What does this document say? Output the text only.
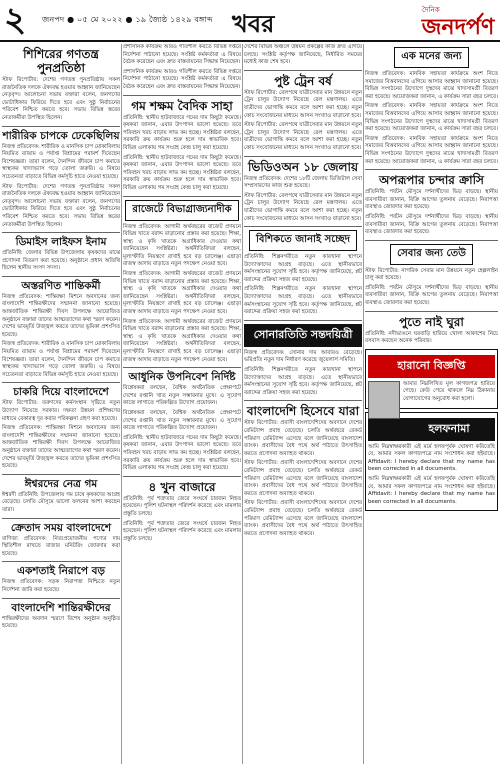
২ জনপদ ● ০৫ মে ২০২২ ● ১৯ জ্যৈষ্ঠ ১৪২৯ বঙ্গাব্দ খবর	দৈনিক
জনদর্পণ
শিশিরের গণতন্ত্র পুনপ্রতিষ্ঠা

স্টাফ রিপোর্টার: দেশের গণতন্ত্র পুনপ্রতিষ্ঠায় সকল রাজনৈতিক দলকে ঐক্যবদ্ধ হওয়ার আহ্বান জানিয়েছেন নেতৃবৃন্দ। আলোচনা সভায় বক্তারা বলেন, জনগণের ভোটাধিকার ফিরিয়ে দিতে হবে এবং সুষ্ঠু নির্বাচনের পরিবেশ নিশ্চিত করতে হবে। সভায় বিভিন্ন স্তরের নেতাকর্মীরা উপস্থিত ছিলেন।

শারীরিক চাপকে ঢেকেছিলিয়

নিজস্ব প্রতিবেদক: শারীরিক ও মানসিক চাপ মোকাবিলায় নিয়মিত ব্যায়াম ও পর্যাপ্ত বিশ্রামের পরামর্শ দিয়েছেন বিশেষজ্ঞরা। তারা বলেন, দৈনন্দিন জীবনে চাপ কমাতে স্বাস্থ্যকর খাদ্যাভ্যাস গড়ে তোলা জরুরি। এ বিষয়ে সচেতনতা বাড়াতে বিভিন্ন কর্মসূচি হাতে নেওয়া হয়েছে।

স্টাফ রিপোর্টার: দেশের গণতন্ত্র পুনপ্রতিষ্ঠায় সকল রাজনৈতিক দলকে ঐক্যবদ্ধ হওয়ার আহ্বান জানিয়েছেন নেতৃবৃন্দ। আলোচনা সভায় বক্তারা বলেন, জনগণের ভোটাধিকার ফিরিয়ে দিতে হবে এবং সুষ্ঠু নির্বাচনের পরিবেশ নিশ্চিত করতে হবে। সভায় বিভিন্ন স্তরের নেতাকর্মীরা উপস্থিত ছিলেন।

ডিমাইস লাইফস ইনাম

প্রতিনিধি: জেলার বিভিন্ন উপজেলায় কৃষকদের মাঝে প্রণোদনা বিতরণ করা হয়েছে। অনুষ্ঠানে প্রধান অতিথি ছিলেন স্থানীয় সংসদ সদস্য।

অস্তরণিত শান্তিকর্মী

নিজস্ব প্রতিবেদক: শান্তিরক্ষা মিশনে অবদানের জন্য বাংলাদেশি শান্তিরক্ষীদের সম্মাননা জানানো হয়েছে। আন্তর্জাতিক শান্তিরক্ষী দিবস উপলক্ষে আয়োজিত অনুষ্ঠানে বক্তারা তাদের আত্মত্যাগের কথা স্মরণ করেন। দেশের ভাবমূর্তি উজ্জ্বল করতে তাদের ভূমিকা প্রশংসিত হয়েছে।

নিজস্ব প্রতিবেদক: শারীরিক ও মানসিক চাপ মোকাবিলায় নিয়মিত ব্যায়াম ও পর্যাপ্ত বিশ্রামের পরামর্শ দিয়েছেন বিশেষজ্ঞরা। তারা বলেন, দৈনন্দিন জীবনে চাপ কমাতে স্বাস্থ্যকর খাদ্যাভ্যাস গড়ে তোলা জরুরি। এ বিষয়ে সচেতনতা বাড়াতে বিভিন্ন কর্মসূচি হাতে নেওয়া হয়েছে।

চাকরি দিয়ে বাংলাদেশে

স্টাফ রিপোর্টার: তরুণদের কর্মসংস্থান সৃষ্টিতে নতুন উদ্যোগ নিয়েছে সরকার। দক্ষতা উন্নয়ন প্রশিক্ষণের মাধ্যমে বেকারত্ব দূর করার পরিকল্পনা গ্রহণ করা হয়েছে।

নিজস্ব প্রতিবেদক: শান্তিরক্ষা মিশনে অবদানের জন্য বাংলাদেশি শান্তিরক্ষীদের সম্মাননা জানানো হয়েছে। আন্তর্জাতিক শান্তিরক্ষী দিবস উপলক্ষে আয়োজিত অনুষ্ঠানে বক্তারা তাদের আত্মত্যাগের কথা স্মরণ করেন। দেশের ভাবমূর্তি উজ্জ্বল করতে তাদের ভূমিকা প্রশংসিত হয়েছে।

ঈশ্বরদের নেত্র গম

ঈশ্বরদী প্রতিনিধি: উপজেলায় গম চাষে কৃষকদের আগ্রহ বেড়েছে। চলতি মৌসুমে ভালো ফলনের আশা করছেন তারা।

ক্রেতাদ সময় বাংলাদেশে

বাণিজ্য প্রতিবেদক: নিত্যপ্রয়োজনীয় পণ্যের দাম স্থিতিশীল রাখতে বাজার মনিটরিং জোরদার করা হয়েছে।

একশতাই নিরাপে বড়

নিজস্ব প্রতিবেদক: সড়ক নিরাপত্তা নিশ্চিতে নতুন নির্দেশনা জারি করা হয়েছে।

বাংলাদেশি শান্তিরক্ষীদের

শান্তিরক্ষীদের অবদান স্মরণে বিশেষ অনুষ্ঠান অনুষ্ঠিত হয়েছে।

প্রশাসনিক কার্যক্রম আরও গতিশীল করতে বিভিন্ন দপ্তরে নির্দেশনা পাঠানো হয়েছে। সংশ্লিষ্ট কর্মকর্তারা এ বিষয়ে বৈঠক করেছেন এবং দ্রুত বাস্তবায়নের সিদ্ধান্ত নিয়েছেন।

প্রশাসনিক কার্যক্রম আরও গতিশীল করতে বিভিন্ন দপ্তরে নির্দেশনা পাঠানো হয়েছে। সংশ্লিষ্ট কর্মকর্তারা এ বিষয়ে বৈঠক করেছেন এবং দ্রুত বাস্তবায়নের সিদ্ধান্ত নিয়েছেন।

গম শক্ষম বৈদিক সাহা

প্রতিনিধি: স্থানীয় হাটবাজারে গমের দাম কিছুটা কমেছে। কৃষকরা জানান, এবার উৎপাদন ভালো হয়েছে। তবে পরিবহন খরচ বাড়ায় লাভ কম হচ্ছে। সংশ্লিষ্টরা বলছেন, সরকারি ক্রয় কার্যক্রম শুরু হলে দাম স্বাভাবিক হবে। বিভিন্ন এলাকায় গম সংগ্রহ কেন্দ্র চালু করা হয়েছে।

প্রতিনিধি: স্থানীয় হাটবাজারে গমের দাম কিছুটা কমেছে। কৃষকরা জানান, এবার উৎপাদন ভালো হয়েছে। তবে পরিবহন খরচ বাড়ায় লাভ কম হচ্ছে। সংশ্লিষ্টরা বলছেন, সরকারি ক্রয় কার্যক্রম শুরু হলে দাম স্বাভাবিক হবে। বিভিন্ন এলাকায় গম সংগ্রহ কেন্দ্র চালু করা হয়েছে।

রাজেটে বিভাগ্রাজ্যনাদীক

নিজস্ব প্রতিবেদক: আগামী অর্থবছরের বাজেট প্রণয়নে বিভিন্ন খাতে বরাদ্দ বাড়ানোর প্রস্তাব করা হয়েছে। শিক্ষা, স্বাস্থ্য ও কৃষি খাতকে অগ্রাধিকার দেওয়ার কথা জানিয়েছেন সংশ্লিষ্টরা। অর্থনীতিবিদরা বলছেন, মূল্যস্ফীতি নিয়ন্ত্রণে রাখাই হবে বড় চ্যালেঞ্জ। এছাড়া রাজস্ব আদায় বাড়াতে নতুন পদক্ষেপ নেওয়া হবে।

নিজস্ব প্রতিবেদক: আগামী অর্থবছরের বাজেট প্রণয়নে বিভিন্ন খাতে বরাদ্দ বাড়ানোর প্রস্তাব করা হয়েছে। শিক্ষা, স্বাস্থ্য ও কৃষি খাতকে অগ্রাধিকার দেওয়ার কথা জানিয়েছেন সংশ্লিষ্টরা। অর্থনীতিবিদরা বলছেন, মূল্যস্ফীতি নিয়ন্ত্রণে রাখাই হবে বড় চ্যালেঞ্জ। এছাড়া রাজস্ব আদায় বাড়াতে নতুন পদক্ষেপ নেওয়া হবে।

নিজস্ব প্রতিবেদক: আগামী অর্থবছরের বাজেট প্রণয়নে বিভিন্ন খাতে বরাদ্দ বাড়ানোর প্রস্তাব করা হয়েছে। শিক্ষা, স্বাস্থ্য ও কৃষি খাতকে অগ্রাধিকার দেওয়ার কথা জানিয়েছেন সংশ্লিষ্টরা। অর্থনীতিবিদরা বলছেন, মূল্যস্ফীতি নিয়ন্ত্রণে রাখাই হবে বড় চ্যালেঞ্জ। এছাড়া রাজস্ব আদায় বাড়াতে নতুন পদক্ষেপ নেওয়া হবে।

আধুনিক উপনিবেশ নির্দিষ্ট

বিশ্লেষকরা বলছেন, বৈশ্বিক অর্থনৈতিক প্রেক্ষাপটে দেশের রপ্তানি খাত নতুন সম্ভাবনার মুখে। এ সুযোগ কাজে লাগাতে পরিকল্পিত উদ্যোগ প্রয়োজন।

বিশ্লেষকরা বলছেন, বৈশ্বিক অর্থনৈতিক প্রেক্ষাপটে দেশের রপ্তানি খাত নতুন সম্ভাবনার মুখে। এ সুযোগ কাজে লাগাতে পরিকল্পিত উদ্যোগ প্রয়োজন।

প্রতিনিধি: স্থানীয় হাটবাজারে গমের দাম কিছুটা কমেছে। কৃষকরা জানান, এবার উৎপাদন ভালো হয়েছে। তবে পরিবহন খরচ বাড়ায় লাভ কম হচ্ছে। সংশ্লিষ্টরা বলছেন, সরকারি ক্রয় কার্যক্রম শুরু হলে দাম স্বাভাবিক হবে। বিভিন্ন এলাকায় গম সংগ্রহ কেন্দ্র চালু করা হয়েছে।

৪ খুন বাজারে

প্রতিনিধি: পূর্ব শত্রুতার জেরে সংঘর্ষে চারজন নিহত হয়েছেন। পুলিশ ঘটনাস্থল পরিদর্শন করেছে এবং মামলার প্রস্তুতি চলছে।

প্রতিনিধি: পূর্ব শত্রুতার জেরে সংঘর্ষে চারজন নিহত হয়েছেন। পুলিশ ঘটনাস্থল পরিদর্শন করেছে এবং মামলার প্রস্তুতি চলছে।

দেশের বিভিন্ন অঞ্চলে উন্নয়ন প্রকল্পের কাজ দ্রুত এগিয়ে চলছে। সংশ্লিষ্ট কর্তৃপক্ষ জানিয়েছে, নির্ধারিত সময়ের মধ্যেই কাজ শেষ হবে।

পুষ্ট ট্রেন বর্ষ

স্টাফ রিপোর্টার: রেলপথে যাত্রীসেবার মান উন্নয়নে নতুন ট্রেন চালুর উদ্যোগ নিয়েছে রেল মন্ত্রণালয়। এতে যাত্রীদের ভোগান্তি কমবে বলে আশা করা হচ্ছে। নতুন কোচ সংযোজনের মাধ্যমে আসন সংখ্যাও বাড়ানো হবে।

স্টাফ রিপোর্টার: রেলপথে যাত্রীসেবার মান উন্নয়নে নতুন ট্রেন চালুর উদ্যোগ নিয়েছে রেল মন্ত্রণালয়। এতে যাত্রীদের ভোগান্তি কমবে বলে আশা করা হচ্ছে। নতুন কোচ সংযোজনের মাধ্যমে আসন সংখ্যাও বাড়ানো হবে।

ভিডিওঅন ১৮ জেলায়

নিজস্ব প্রতিবেদক: দেশের ১৮টি জেলায় ডিজিটাল সেবা সম্প্রসারণের কাজ শুরু হয়েছে।

স্টাফ রিপোর্টার: রেলপথে যাত্রীসেবার মান উন্নয়নে নতুন ট্রেন চালুর উদ্যোগ নিয়েছে রেল মন্ত্রণালয়। এতে যাত্রীদের ভোগান্তি কমবে বলে আশা করা হচ্ছে। নতুন কোচ সংযোজনের মাধ্যমে আসন সংখ্যাও বাড়ানো হবে।

বিশিকতে জানাই সচ্ছেদ

প্রতিনিধি: শিল্পনগরীতে নতুন কারখানা স্থাপনে উদ্যোক্তাদের আগ্রহ বাড়ছে। এতে স্থানীয়ভাবে কর্মসংস্থানের সুযোগ সৃষ্টি হবে। কর্তৃপক্ষ জানিয়েছে, প্লট বরাদ্দের প্রক্রিয়া সহজ করা হয়েছে।

প্রতিনিধি: শিল্পনগরীতে নতুন কারখানা স্থাপনে উদ্যোক্তাদের আগ্রহ বাড়ছে। এতে স্থানীয়ভাবে কর্মসংস্থানের সুযোগ সৃষ্টি হবে। কর্তৃপক্ষ জানিয়েছে, প্লট বরাদ্দের প্রক্রিয়া সহজ করা হয়েছে।

সোনারতিতি সন্তদয়িত্রী

নিজস্ব প্রতিবেদক: সোনার দাম আবারও বেড়েছে। ভরিপ্রতি নতুন দাম নির্ধারণ করেছে জুয়েলার্স সমিতি।

প্রতিনিধি: শিল্পনগরীতে নতুন কারখানা স্থাপনে উদ্যোক্তাদের আগ্রহ বাড়ছে। এতে স্থানীয়ভাবে কর্মসংস্থানের সুযোগ সৃষ্টি হবে। কর্তৃপক্ষ জানিয়েছে, প্লট বরাদ্দের প্রক্রিয়া সহজ করা হয়েছে।

বাংলাদেশি হিসেবে যারা

স্টাফ রিপোর্টার: প্রবাসী বাংলাদেশিদের অবদানে দেশের রেমিট্যান্স প্রবাহ বেড়েছে। চলতি অর্থবছরে রেকর্ড পরিমাণ রেমিট্যান্স এসেছে বলে জানিয়েছে বাংলাদেশ ব্যাংক। প্রবাসীদের বৈধ পথে অর্থ পাঠাতে উৎসাহিত করতে প্রণোদনা অব্যাহত থাকবে।

স্টাফ রিপোর্টার: প্রবাসী বাংলাদেশিদের অবদানে দেশের রেমিট্যান্স প্রবাহ বেড়েছে। চলতি অর্থবছরে রেকর্ড পরিমাণ রেমিট্যান্স এসেছে বলে জানিয়েছে বাংলাদেশ ব্যাংক। প্রবাসীদের বৈধ পথে অর্থ পাঠাতে উৎসাহিত করতে প্রণোদনা অব্যাহত থাকবে।

স্টাফ রিপোর্টার: প্রবাসী বাংলাদেশিদের অবদানে দেশের রেমিট্যান্স প্রবাহ বেড়েছে। চলতি অর্থবছরে রেকর্ড পরিমাণ রেমিট্যান্স এসেছে বলে জানিয়েছে বাংলাদেশ ব্যাংক। প্রবাসীদের বৈধ পথে অর্থ পাঠাতে উৎসাহিত করতে প্রণোদনা অব্যাহত থাকবে।

এক মনের জন্য

নিজস্ব প্রতিবেদক: মানবিক সহায়তা কার্যক্রমে অংশ নিতে সমাজের বিত্তবানদের এগিয়ে আসার আহ্বান জানানো হয়েছে। বিভিন্ন সংগঠনের উদ্যোগে দুস্থদের মাঝে খাদ্যসামগ্রী বিতরণ করা হয়েছে। আয়োজকরা জানান, এ কার্যক্রম সারা বছর চলবে।

নিজস্ব প্রতিবেদক: মানবিক সহায়তা কার্যক্রমে অংশ নিতে সমাজের বিত্তবানদের এগিয়ে আসার আহ্বান জানানো হয়েছে। বিভিন্ন সংগঠনের উদ্যোগে দুস্থদের মাঝে খাদ্যসামগ্রী বিতরণ করা হয়েছে। আয়োজকরা জানান, এ কার্যক্রম সারা বছর চলবে।

নিজস্ব প্রতিবেদক: মানবিক সহায়তা কার্যক্রমে অংশ নিতে সমাজের বিত্তবানদের এগিয়ে আসার আহ্বান জানানো হয়েছে। বিভিন্ন সংগঠনের উদ্যোগে দুস্থদের মাঝে খাদ্যসামগ্রী বিতরণ করা হয়েছে। আয়োজকরা জানান, এ কার্যক্রম সারা বছর চলবে।

অপরূপার চন্দার ক্রাসি

প্রতিনিধি: পর্যটন মৌসুমে দর্শনার্থীদের ভিড় বাড়ছে। স্থানীয় ব্যবসায়ীরা জানান, বিক্রি আগের তুলনায় বেড়েছে। নিরাপত্তা ব্যবস্থাও জোরদার করা হয়েছে।

প্রতিনিধি: পর্যটন মৌসুমে দর্শনার্থীদের ভিড় বাড়ছে। স্থানীয় ব্যবসায়ীরা জানান, বিক্রি আগের তুলনায় বেড়েছে। নিরাপত্তা ব্যবস্থাও জোরদার করা হয়েছে।

সেবার জন্য তেউ

স্টাফ রিপোর্টার: নাগরিক সেবার মান উন্নয়নে নতুন হেল্পলাইন চালু করা হয়েছে।

প্রতিনিধি: পর্যটন মৌসুমে দর্শনার্থীদের ভিড় বাড়ছে। স্থানীয় ব্যবসায়ীরা জানান, বিক্রি আগের তুলনায় বেড়েছে। নিরাপত্তা ব্যবস্থাও জোরদার করা হয়েছে।

পুতে নাই ঘুরা

প্রতিনিধি: নদীভাঙনে ঘরবাড়ি হারিয়ে খোলা আকাশের নিচে বসবাস করছেন অনেক পরিবার।

হারানো বিজ্ঞপ্তি

আমার নিম্নলিখিত মূল কাগজপত্র হারিয়ে গেছে। কেউ পেয়ে থাকলে নিম্ন ঠিকানায় যোগাযোগের অনুরোধ করা হলো।

হলফনামা

আমি নিম্নস্বাক্ষরকারী এই মর্মে হলফপূর্বক ঘোষণা করিতেছি যে, আমার সকল কাগজপত্রে নাম সংশোধন করা হইয়াছে। Affidavit: I hereby declare that my name has been corrected in all documents.

আমি নিম্নস্বাক্ষরকারী এই মর্মে হলফপূর্বক ঘোষণা করিতেছি যে, আমার সকল কাগজপত্রে নাম সংশোধন করা হইয়াছে। Affidavit: I hereby declare that my name has been corrected in all documents.
